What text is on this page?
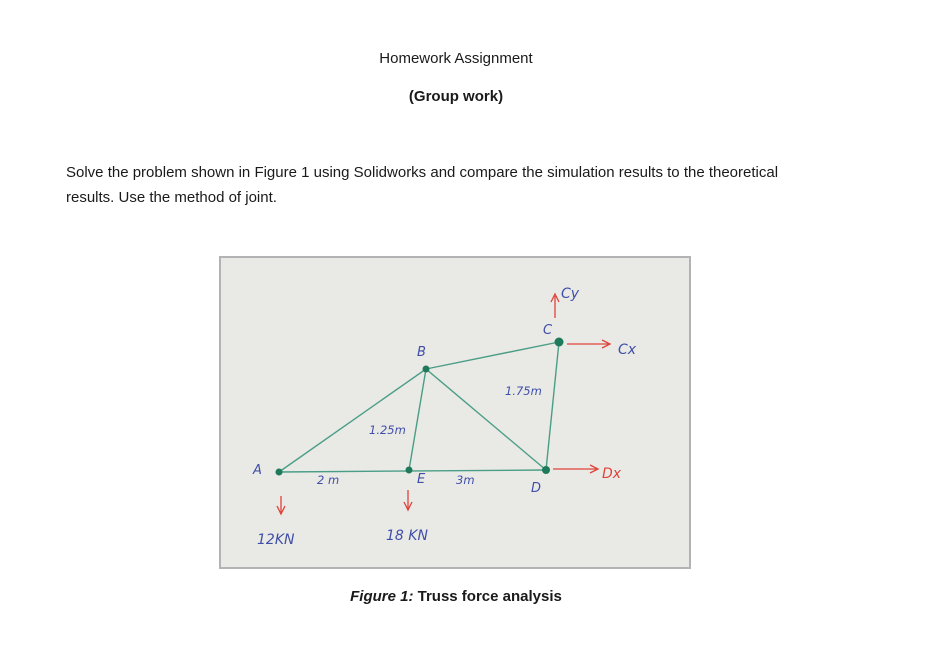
Homework Assignment
(Group work)
Solve the problem shown in Figure 1 using Solidworks and compare the simulation results to the theoretical results. Use the method of joint.
A
B
C
D
E
2 m
1.25m
3m
1.75m
12KN	18 KN
Cy
Cx
Dx
Figure 1: Truss force analysis
